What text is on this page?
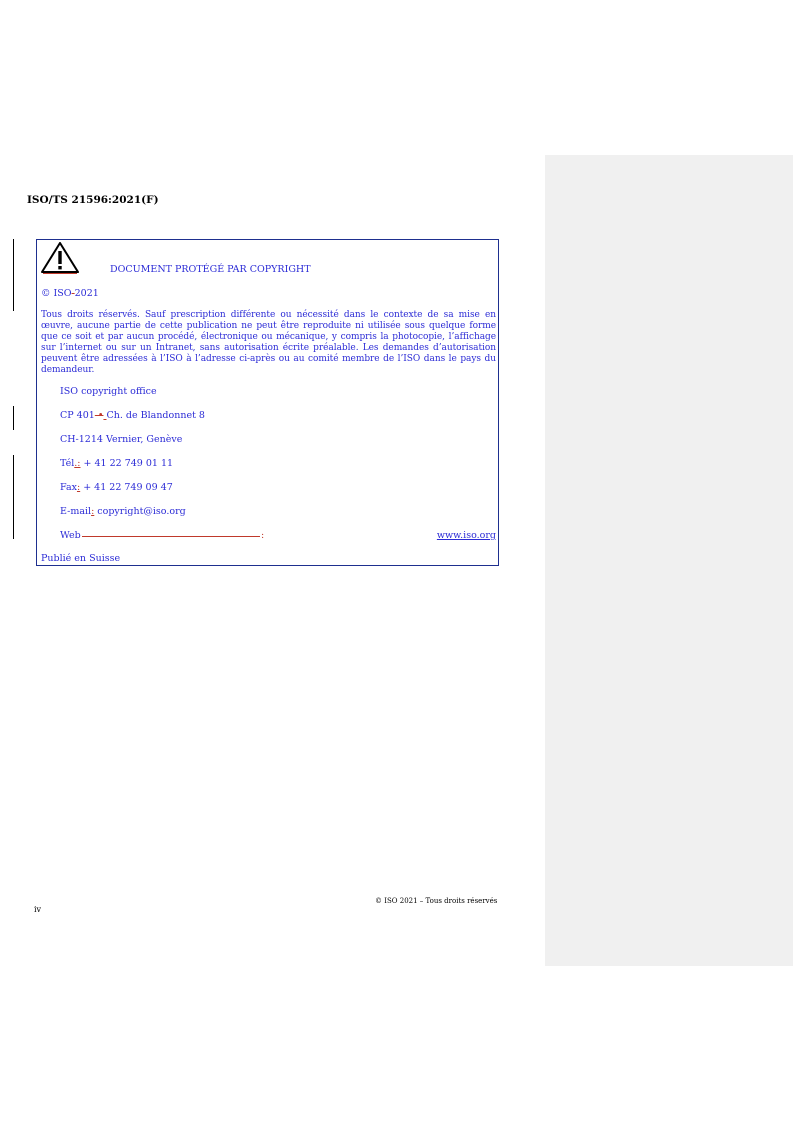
ISO/TS 21596:2021(F)
DOCUMENT PROTÉGÉ PAR COPYRIGHT
© ISO 2021
Tous droits réservés. Sauf prescription différente ou nécessité dans le contexte de sa mise en œuvre, aucune partie de cette publication ne peut être reproduite ni utilisée sous quelque forme que ce soit et par aucun procédé, électronique ou mécanique, y compris la photocopie, l’affichage sur l’internet ou sur un Intranet, sans autorisation écrite préalable. Les demandes d’autorisation peuvent être adressées à l’ISO à l’adresse ci-après ou au comité membre de l’ISO dans le pays du demandeur.
ISO copyright office
CP 401 • Ch. de Blandonnet 8
CH-1214 Vernier, Genève
Tél.: + 41 22 749 01 11
Fax: + 41 22 749 09 47
E-mail: copyright@iso.org
Web	:	www.iso.org
Publié en Suisse
© ISO 2021 – Tous droits réservés
iv
